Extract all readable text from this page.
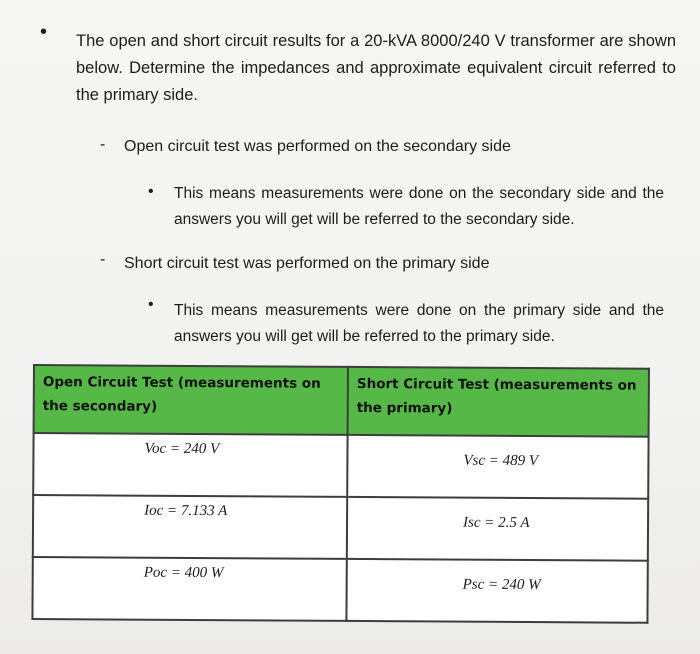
• The open and short circuit results for a 20-kVA 8000/240 V transformer are shown below. Determine the impedances and approximate equivalent circuit referred to the primary side.
- Open circuit test was performed on the secondary side
• This means measurements were done on the secondary side and the answers you will get will be referred to the secondary side.
- Short circuit test was performed on the primary side
• This means measurements were done on the primary side and the answers you will get will be referred to the primary side.
Open Circuit Test (measurements on the secondary)	Short Circuit Test (measurements on the primary)
Voc = 240 V	Vsc = 489 V
Ioc = 7.133 A	Isc = 2.5 A
Poc = 400 W	Psc = 240 W
